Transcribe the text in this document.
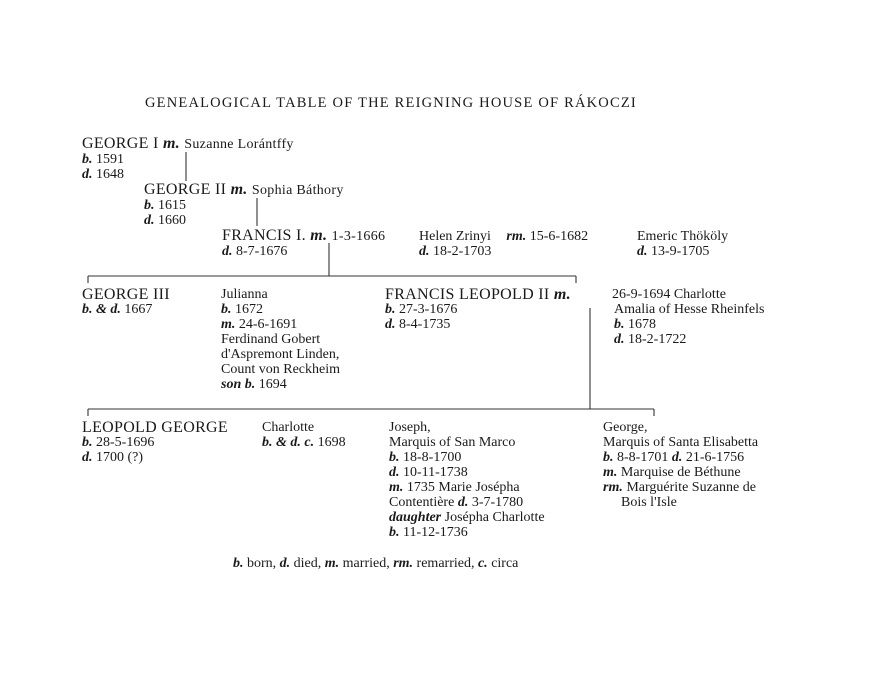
GENEALOGICAL TABLE OF THE REIGNING HOUSE OF RÁKOCZI
GEORGE I m. Suzanne Lorántffy
b. 1591
d. 1648
GEORGE II m. Sophia Báthory
b. 1615
d. 1660
FRANCIS I. m. 1-3-1666
d. 8-7-1676
Helen Zrinyi rm. 15-6-1682
d. 18-2-1703
Emeric Thököly
d. 13-9-1705
GEORGE III
b. & d. 1667
Julianna
b. 1672
m. 24-6-1691
Ferdinand Gobert
d'Aspremont Linden,
Count von Reckheim
son b. 1694
FRANCIS LEOPOLD II m.
b. 27-3-1676
d. 8-4-1735
26-9-1694 Charlotte
Amalia of Hesse Rheinfels
b. 1678
d. 18-2-1722
LEOPOLD GEORGE
b. 28-5-1696
d. 1700 (?)
Charlotte
b. & d. c. 1698
Joseph,
Marquis of San Marco
b. 18-8-1700
d. 10-11-1738
m. 1735 Marie Josépha
Contentière d. 3-7-1780
daughter Josépha Charlotte
b. 11-12-1736
George,
Marquis of Santa Elisabetta
b. 8-8-1701 d. 21-6-1756
m. Marquise de Béthune
rm. Marguérite Suzanne de
Bois l'Isle
b. born, d. died, m. married, rm. remarried, c. circa
